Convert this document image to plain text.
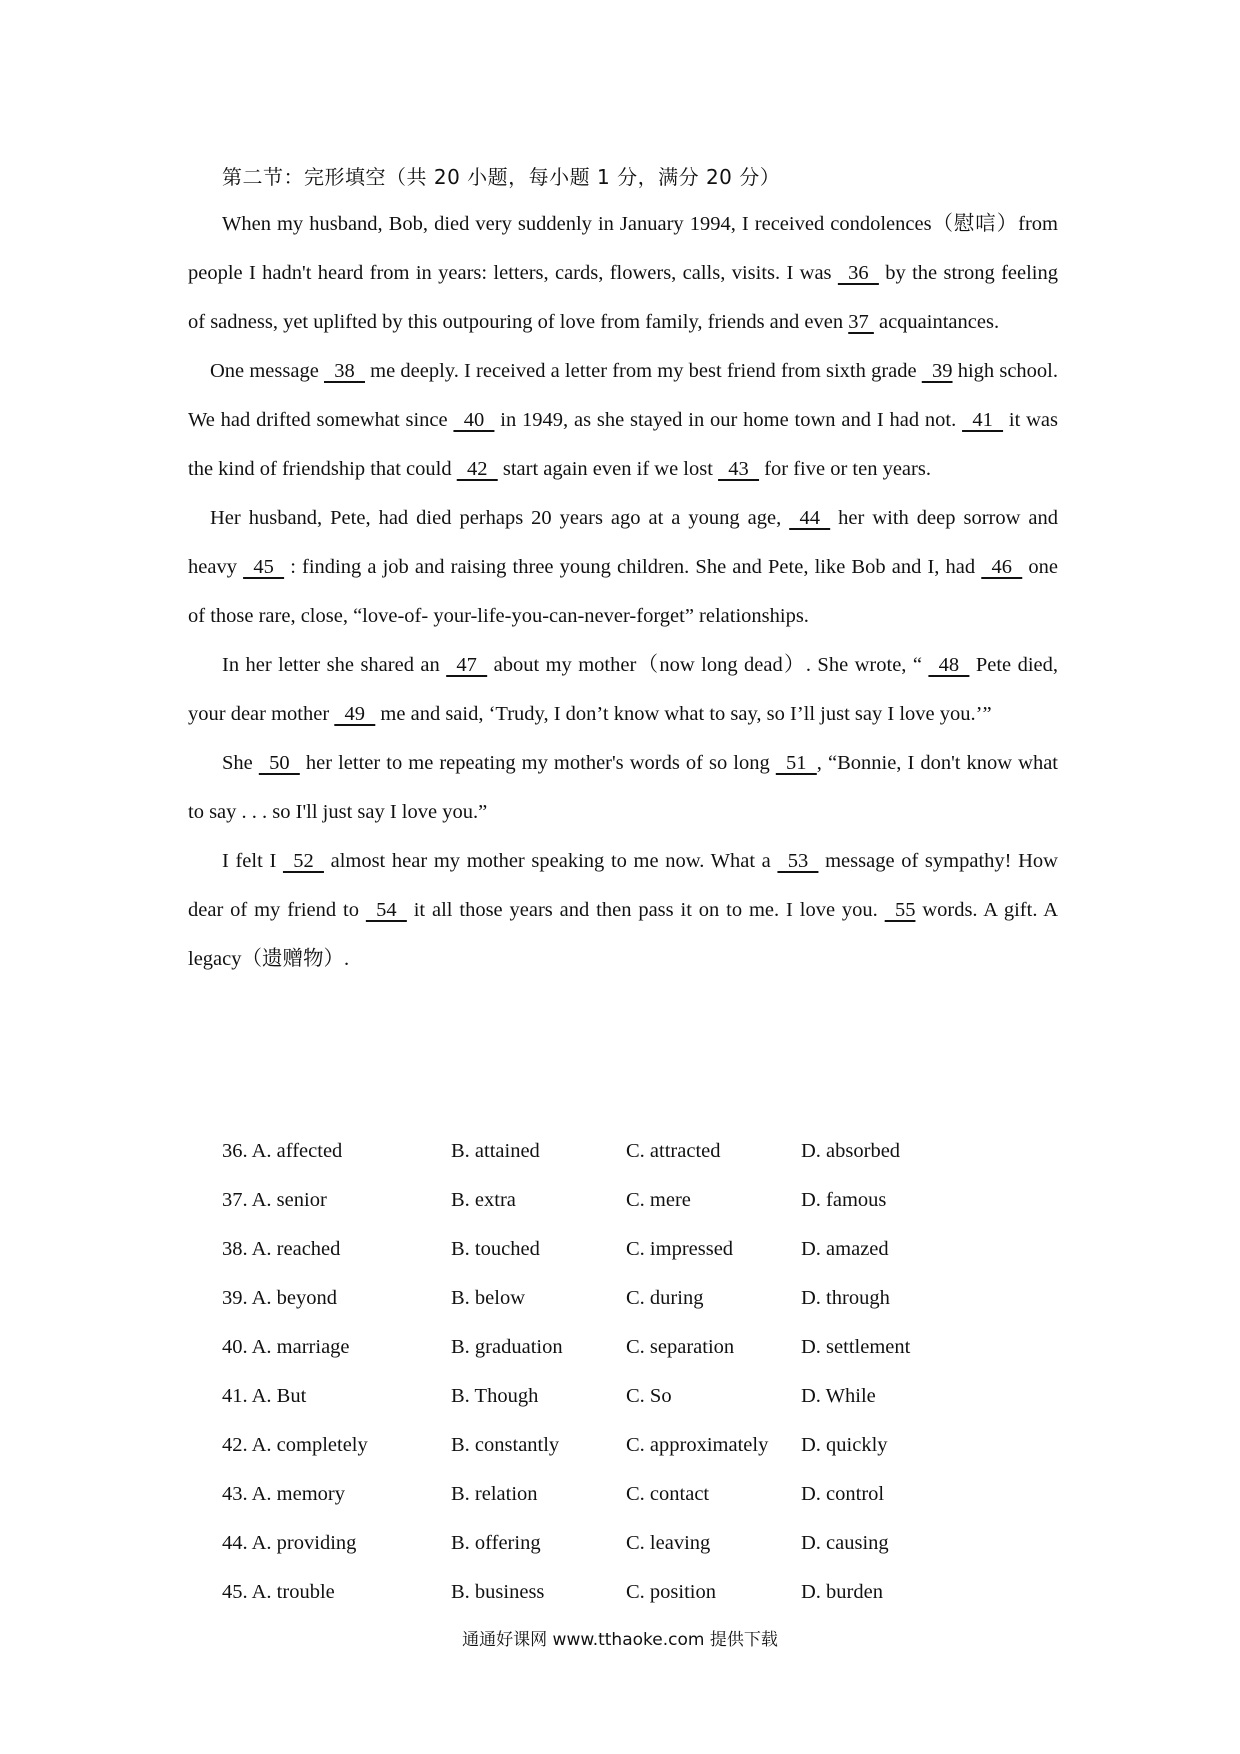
第二节：完形填空（共 20 小题，每小题 1 分，满分 20 分）

When my husband, Bob, died very suddenly in January 1994, I received condolences（慰唁）from people I hadn't heard from in years: letters, cards, flowers, calls, visits. I was   36   by the strong feeling of sadness, yet uplifted by this outpouring of love from family, friends and even 37  acquaintances.

One message   38   me deeply. I received a letter from my best friend from sixth grade   39 high school. We had drifted somewhat since   40   in 1949, as she stayed in our home town and I had not.   41   it was the kind of friendship that could   42   start again even if we lost   43   for five or ten years.

Her husband, Pete, had died perhaps 20 years ago at a young age,   44   her with deep sorrow and heavy   45   : finding a job and raising three young children. She and Pete, like Bob and I, had   46   one of those rare, close, “love-of- your-life-you-can-never-forget” relationships.

In her letter she shared an   47   about my mother（now long dead）. She wrote, “   48   Pete died, your dear mother   49   me and said, ‘Trudy, I don’t know what to say, so I’ll just say I love you.’”

She   50   her letter to me repeating my mother's words of so long   51  , “Bonnie, I don't know what to say . . . so I'll just say I love you.”

I felt I   52   almost hear my mother speaking to me now. What a   53   message of sympathy! How dear of my friend to   54   it all those years and then pass it on to me. I love you.   55 words. A gift. A legacy（遗赠物）.

36. A. affected	B. attained	C. attracted	D. absorbed
37. A. senior	B. extra	C. mere	D. famous
38. A. reached	B. touched	C. impressed	D. amazed
39. A. beyond	B. below	C. during	D. through
40. A. marriage	B. graduation	C. separation	D. settlement
41. A. But	B. Though	C. So	D. While
42. A. completely	B. constantly	C. approximately	D. quickly
43. A. memory	B. relation	C. contact	D. control
44. A. providing	B. offering	C. leaving	D. causing
45. A. trouble	B. business	C. position	D. burden
通通好课网 www.tthaoke.com 提供下载
